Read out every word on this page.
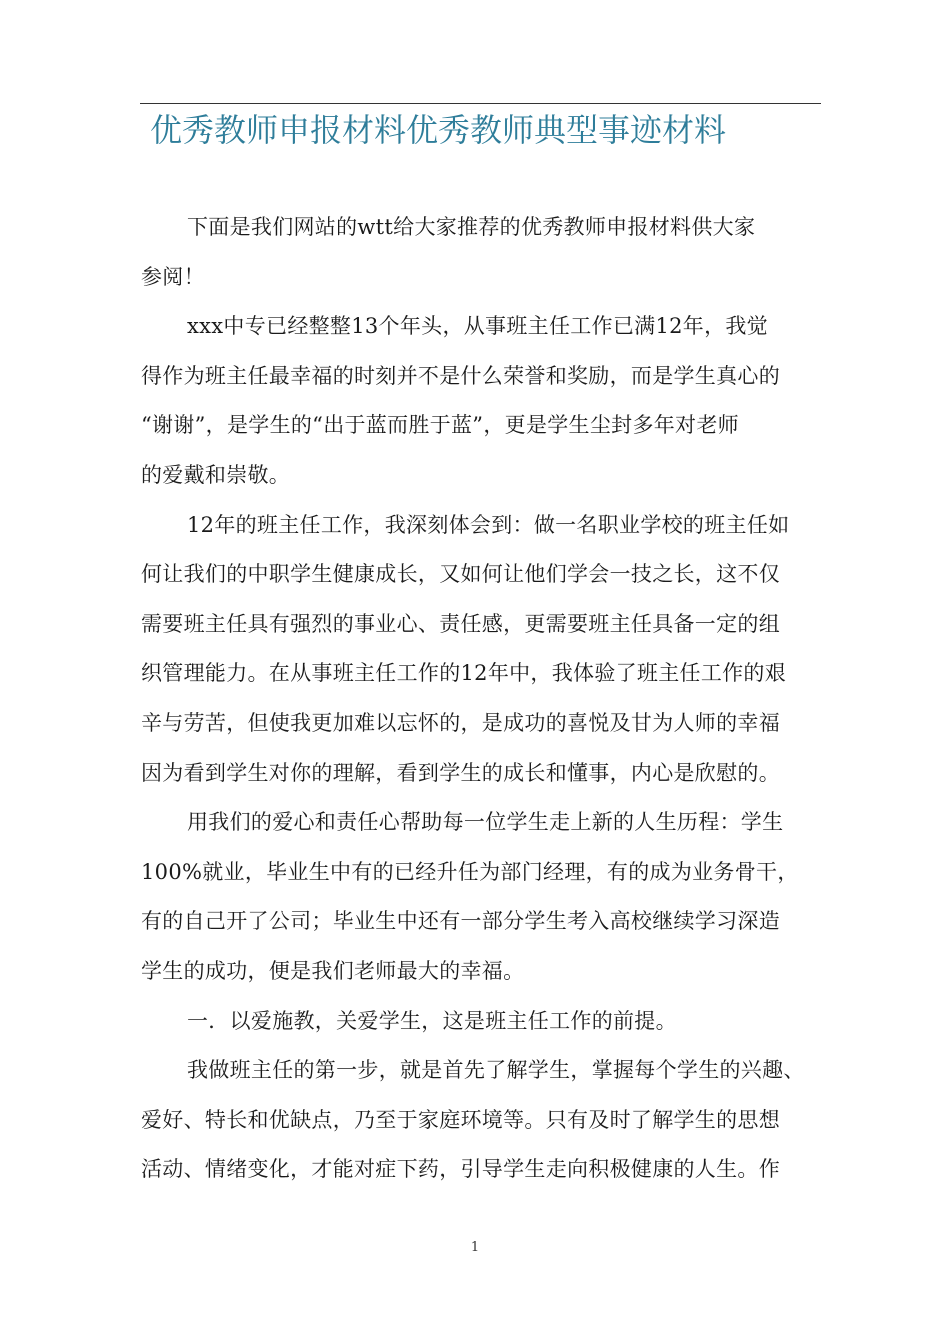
优秀教师申报材料优秀教师典型事迹材料
下面是我们网站的wtt给大家推荐的优秀教师申报材料供大家
参阅！
xxx中专已经整整13个年头，从事班主任工作已满12年，我觉
得作为班主任最幸福的时刻并不是什么荣誉和奖励，而是学生真心的
“谢谢”，是学生的“出于蓝而胜于蓝”，更是学生尘封多年对老师
的爱戴和崇敬。
12年的班主任工作，我深刻体会到：做一名职业学校的班主任如
何让我们的中职学生健康成长，又如何让他们学会一技之长，这不仅
需要班主任具有强烈的事业心、责任感，更需要班主任具备一定的组
织管理能力。在从事班主任工作的12年中，我体验了班主任工作的艰
辛与劳苦，但使我更加难以忘怀的，是成功的喜悦及甘为人师的幸福
因为看到学生对你的理解，看到学生的成长和懂事，内心是欣慰的。
用我们的爱心和责任心帮助每一位学生走上新的人生历程：学生
100%就业，毕业生中有的已经升任为部门经理，有的成为业务骨干，
有的自己开了公司；毕业生中还有一部分学生考入高校继续学习深造
学生的成功，便是我们老师最大的幸福。
一．以爱施教，关爱学生，这是班主任工作的前提。
我做班主任的第一步，就是首先了解学生，掌握每个学生的兴趣、
爱好、特长和优缺点，乃至于家庭环境等。只有及时了解学生的思想
活动、情绪变化，才能对症下药，引导学生走向积极健康的人生。作
1
